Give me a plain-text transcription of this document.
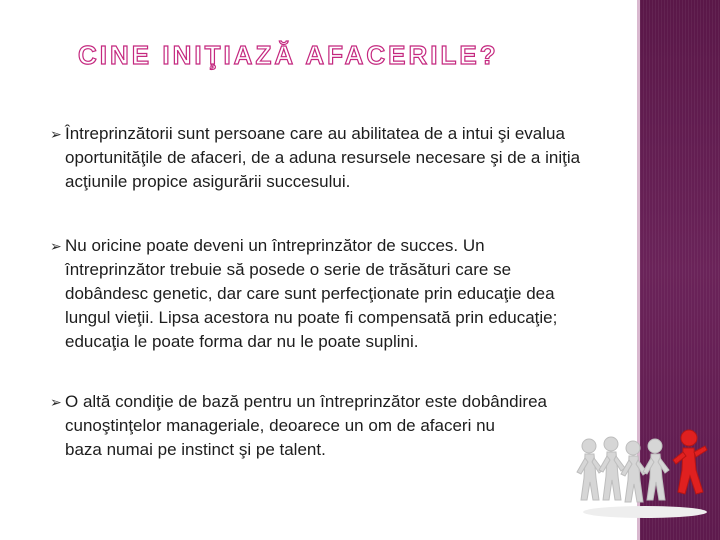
CINE INIŢIAZĂ AFACERILE?
➢ Întreprinzătorii sunt persoane care au abilitatea de a intui şi evalua
oportunităţile de afaceri, de a aduna resursele necesare şi de a iniţia
acţiunile propice asigurării succesului.
➢ Nu oricine poate deveni un întreprinzător de succes. Un
întreprinzător trebuie să posede o serie de trăsături care se
dobândesc genetic, dar care sunt perfecţionate prin educaţie dea
lungul vieţii. Lipsa acestora nu poate fi compensată prin educaţie;
educaţia le poate forma dar nu le poate suplini.
➢ O altă condiţie de bază pentru un întreprinzător este dobândirea
cunoştinţelor manageriale, deoarece un om de afaceri nu
baza numai pe instinct şi pe talent.
